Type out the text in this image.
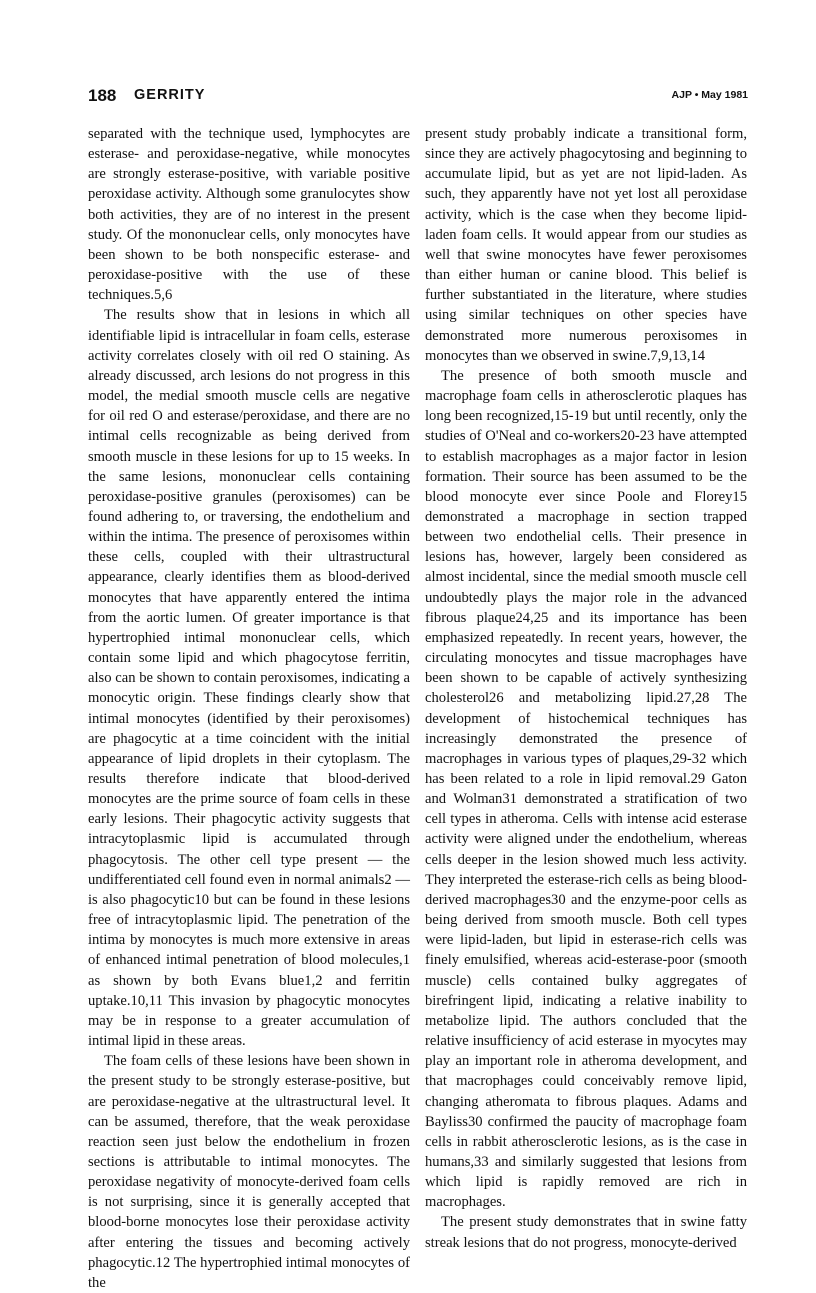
188 GERRITY	AJP • May 1981

separated with the technique used, lymphocytes are esterase- and peroxidase-negative, while monocytes are strongly esterase-positive, with variable positive peroxidase activity. Although some granulocytes show both activities, they are of no interest in the present study. Of the mononuclear cells, only monocytes have been shown to be both nonspecific esterase- and peroxidase-positive with the use of these techniques.5,6

The results show that in lesions in which all identifiable lipid is intracellular in foam cells, esterase activity correlates closely with oil red O staining. As already discussed, arch lesions do not progress in this model, the medial smooth muscle cells are negative for oil red O and esterase/peroxidase, and there are no intimal cells recognizable as being derived from smooth muscle in these lesions for up to 15 weeks. In the same lesions, mononuclear cells containing peroxidase-positive granules (peroxisomes) can be found adhering to, or traversing, the endothelium and within the intima. The presence of peroxisomes within these cells, coupled with their ultrastructural appearance, clearly identifies them as blood-derived monocytes that have apparently entered the intima from the aortic lumen. Of greater importance is that hypertrophied intimal mononuclear cells, which contain some lipid and which phagocytose ferritin, also can be shown to contain peroxisomes, indicating a monocytic origin. These findings clearly show that intimal monocytes (identified by their peroxisomes) are phagocytic at a time coincident with the initial appearance of lipid droplets in their cytoplasm. The results therefore indicate that blood-derived monocytes are the prime source of foam cells in these early lesions. Their phagocytic activity suggests that intracytoplasmic lipid is accumulated through phagocytosis. The other cell type present — the undifferentiated cell found even in normal animals2 — is also phagocytic10 but can be found in these lesions free of intracytoplasmic lipid. The penetration of the intima by monocytes is much more extensive in areas of enhanced intimal penetration of blood molecules,1 as shown by both Evans blue1,2 and ferritin uptake.10,11 This invasion by phagocytic monocytes may be in response to a greater accumulation of intimal lipid in these areas.

The foam cells of these lesions have been shown in the present study to be strongly esterase-positive, but are peroxidase-negative at the ultrastructural level. It can be assumed, therefore, that the weak peroxidase reaction seen just below the endothelium in frozen sections is attributable to intimal monocytes. The peroxidase negativity of monocyte-derived foam cells is not surprising, since it is generally accepted that blood-borne monocytes lose their peroxidase activity after entering the tissues and becoming actively phagocytic.12 The hypertrophied intimal monocytes of the

present study probably indicate a transitional form, since they are actively phagocytosing and beginning to accumulate lipid, but as yet are not lipid-laden. As such, they apparently have not yet lost all peroxidase activity, which is the case when they become lipid-laden foam cells. It would appear from our studies as well that swine monocytes have fewer peroxisomes than either human or canine blood. This belief is further substantiated in the literature, where studies using similar techniques on other species have demonstrated more numerous peroxisomes in monocytes than we observed in swine.7,9,13,14

The presence of both smooth muscle and macrophage foam cells in atherosclerotic plaques has long been recognized,15-19 but until recently, only the studies of O'Neal and co-workers20-23 have attempted to establish macrophages as a major factor in lesion formation. Their source has been assumed to be the blood monocyte ever since Poole and Florey15 demonstrated a macrophage in section trapped between two endothelial cells. Their presence in lesions has, however, largely been considered as almost incidental, since the medial smooth muscle cell undoubtedly plays the major role in the advanced fibrous plaque24,25 and its importance has been emphasized repeatedly. In recent years, however, the circulating monocytes and tissue macrophages have been shown to be capable of actively synthesizing cholesterol26 and metabolizing lipid.27,28 The development of histochemical techniques has increasingly demonstrated the presence of macrophages in various types of plaques,29-32 which has been related to a role in lipid removal.29 Gaton and Wolman31 demonstrated a stratification of two cell types in atheroma. Cells with intense acid esterase activity were aligned under the endothelium, whereas cells deeper in the lesion showed much less activity. They interpreted the esterase-rich cells as being blood-derived macrophages30 and the enzyme-poor cells as being derived from smooth muscle. Both cell types were lipid-laden, but lipid in esterase-rich cells was finely emulsified, whereas acid-esterase-poor (smooth muscle) cells contained bulky aggregates of birefringent lipid, indicating a relative inability to metabolize lipid. The authors concluded that the relative insufficiency of acid esterase in myocytes may play an important role in atheroma development, and that macrophages could conceivably remove lipid, changing atheromata to fibrous plaques. Adams and Bayliss30 confirmed the paucity of macrophage foam cells in rabbit atherosclerotic lesions, as is the case in humans,33 and similarly suggested that lesions from which lipid is rapidly removed are rich in macrophages.

The present study demonstrates that in swine fatty streak lesions that do not progress, monocyte-derived
